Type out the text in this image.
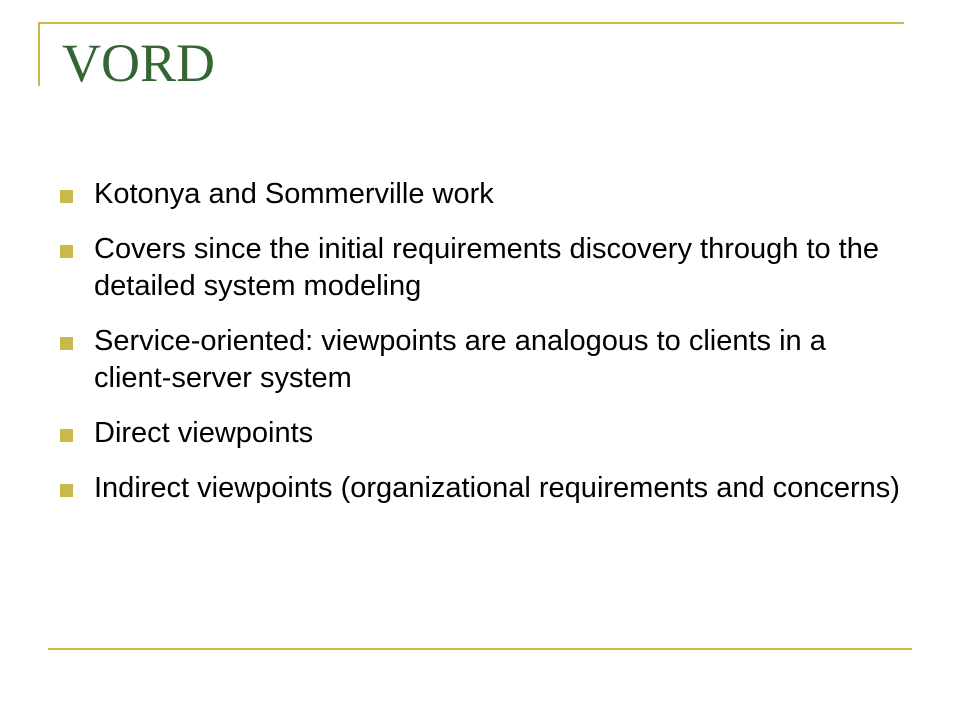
VORD
Kotonya and Sommerville work
Covers since the initial requirements discovery through to the detailed system modeling
Service-oriented: viewpoints are analogous to clients in a client-server system
Direct viewpoints
Indirect viewpoints (organizational requirements and concerns)
